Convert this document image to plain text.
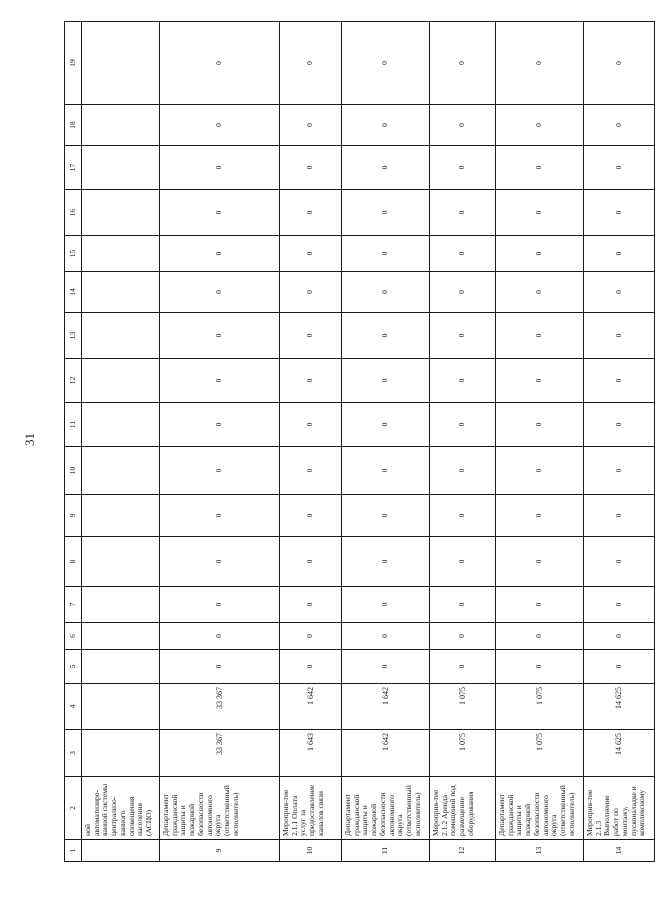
31
1	2	3	4	5	6	7	8	9	10	11	12	13	14	15	16	17	18	19
	ной автоматизиро-ванной системы централизо-ванного оповещения населения (АСЦО)																	
9	Департамент гражданской защиты и пожарной безопасности автономного округа (ответственный исполнитель)	33 367	33 367	0	0	0	0	0	0	0	0	0	0	0	0	0	0	0
10	Мероприя-тие 2.1.1 Оплата услуг за предоставление каналов связи	1 643	1 642	0	0	0	0	0	0	0	0	0	0	0	0	0	0	0
11	Департамент гражданской защиты и пожарной безопасности автономного округа (ответственный исполнитель)	1 642	1 642	0	0	0	0	0	0	0	0	0	0	0	0	0	0	0
12	Мероприя-тие 2.1.2 Аренда помещений под размещение оборудования	1 075	1 075	0	0	0	0	0	0	0	0	0	0	0	0	0	0	0
13	Департамент гражданской защиты и пожарной безопасности автономного округа (ответственный исполнитель)	1 075	1 075	0	0	0	0	0	0	0	0	0	0	0	0	0	0	0
14	Мероприя-тие 2.1.3 Выполнение работ по монтажу, пусконаладке и комплексному	14 625	14 625	0	0	0	0	0	0	0	0	0	0	0	0	0	0	0
